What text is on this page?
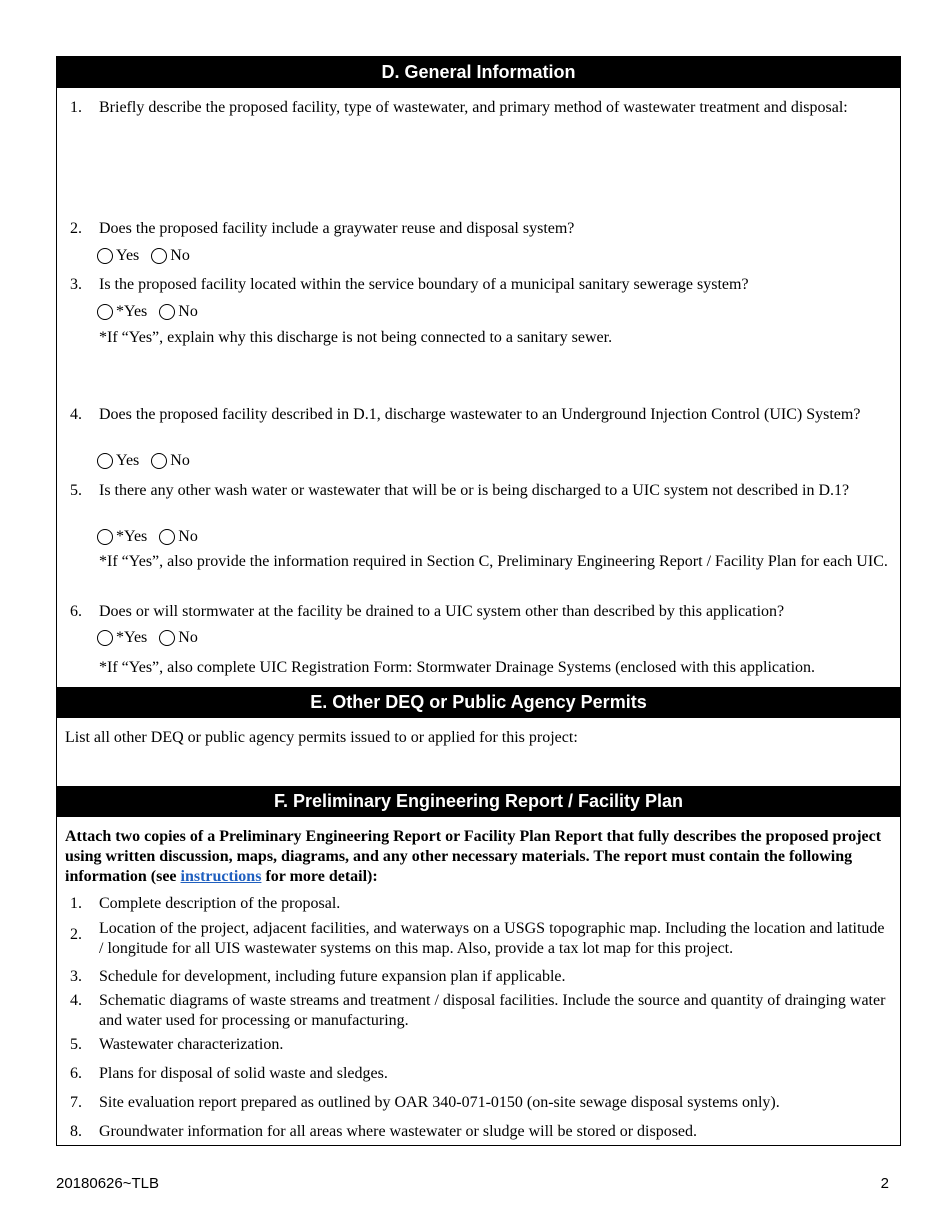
D. General Information
1.	Briefly describe the proposed facility, type of wastewater, and primary method of wastewater treatment and disposal:
2.	Does the proposed facility include a graywater reuse and disposal system?
Yes No
3.	Is the proposed facility located within the service boundary of a municipal sanitary sewerage system?
*Yes No
*If “Yes”, explain why this discharge is not being connected to a sanitary sewer.
4.	Does the proposed facility described in D.1, discharge wastewater to an Underground Injection Control (UIC) System?
Yes No
5.	Is there any other wash water or wastewater that will be or is being discharged to a UIC system not described in D.1?
*Yes No
*If “Yes”, also provide the information required in Section C, Preliminary Engineering Report / Facility Plan for each UIC.
6.	Does or will stormwater at the facility be drained to a UIC system other than described by this application?
*Yes No
*If “Yes”, also complete UIC Registration Form: Stormwater Drainage Systems (enclosed with this application.
E. Other DEQ or Public Agency Permits
List all other DEQ or public agency permits issued to or applied for this project:
F. Preliminary Engineering Report / Facility Plan
Attach two copies of a Preliminary Engineering Report or Facility Plan Report that fully describes the proposed project using written discussion, maps, diagrams, and any other necessary materials. The report must contain the following information (see instructions for more detail):
1.	Complete description of the proposal.
2.	Location of the project, adjacent facilities, and waterways on a USGS topographic map. Including the location and latitude / longitude for all UIS wastewater systems on this map. Also, provide a tax lot map for this project.
3.	Schedule for development, including future expansion plan if applicable.
4.	Schematic diagrams of waste streams and treatment / disposal facilities. Include the source and quantity of drainging water and water used for processing or manufacturing.
5.	Wastewater characterization.
6.	Plans for disposal of solid waste and sledges.
7.	Site evaluation report prepared as outlined by OAR 340-071-0150 (on-site sewage disposal systems only).
8.	Groundwater information for all areas where wastewater or sludge will be stored or disposed.
20180626~TLB	2
